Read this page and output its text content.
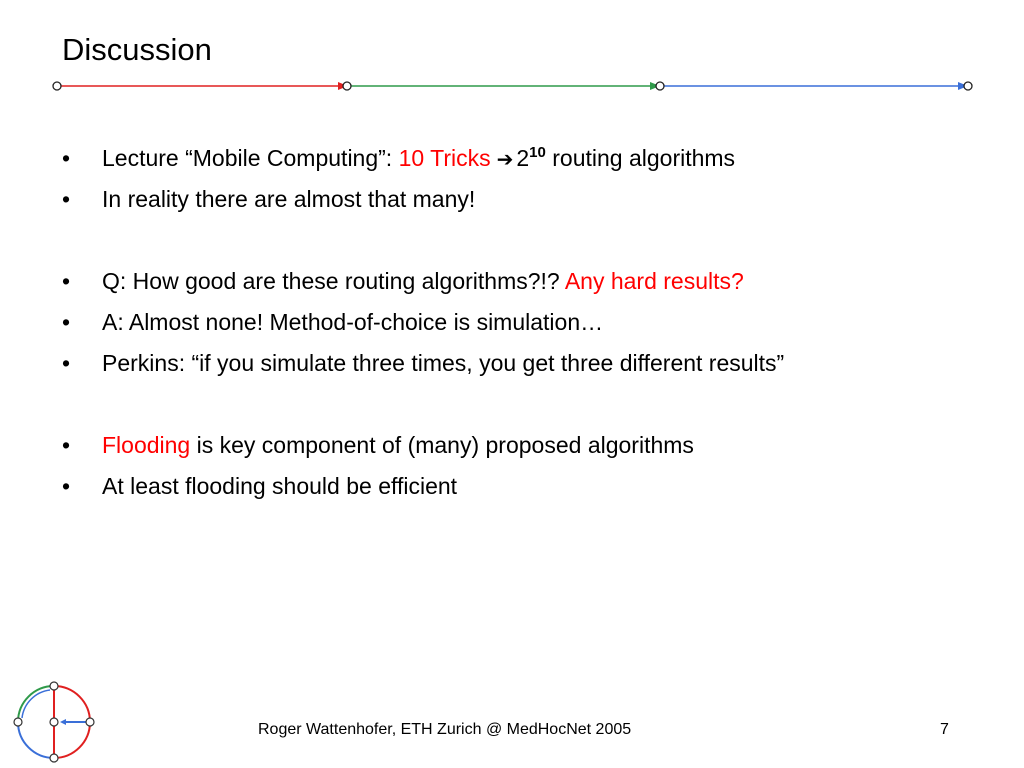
Discussion
• Lecture “Mobile Computing”: 10 Tricks ➔ $2^{10}$ routing algorithms
• In reality there are almost that many!
• Q: How good are these routing algorithms?!? Any hard results?
• A: Almost none! Method-of-choice is simulation…
• Perkins: “if you simulate three times, you get three different results”
• Flooding is key component of (many) proposed algorithms
• At least flooding should be efficient
Roger Wattenhofer, ETH Zurich @ MedHocNet 2005	7
